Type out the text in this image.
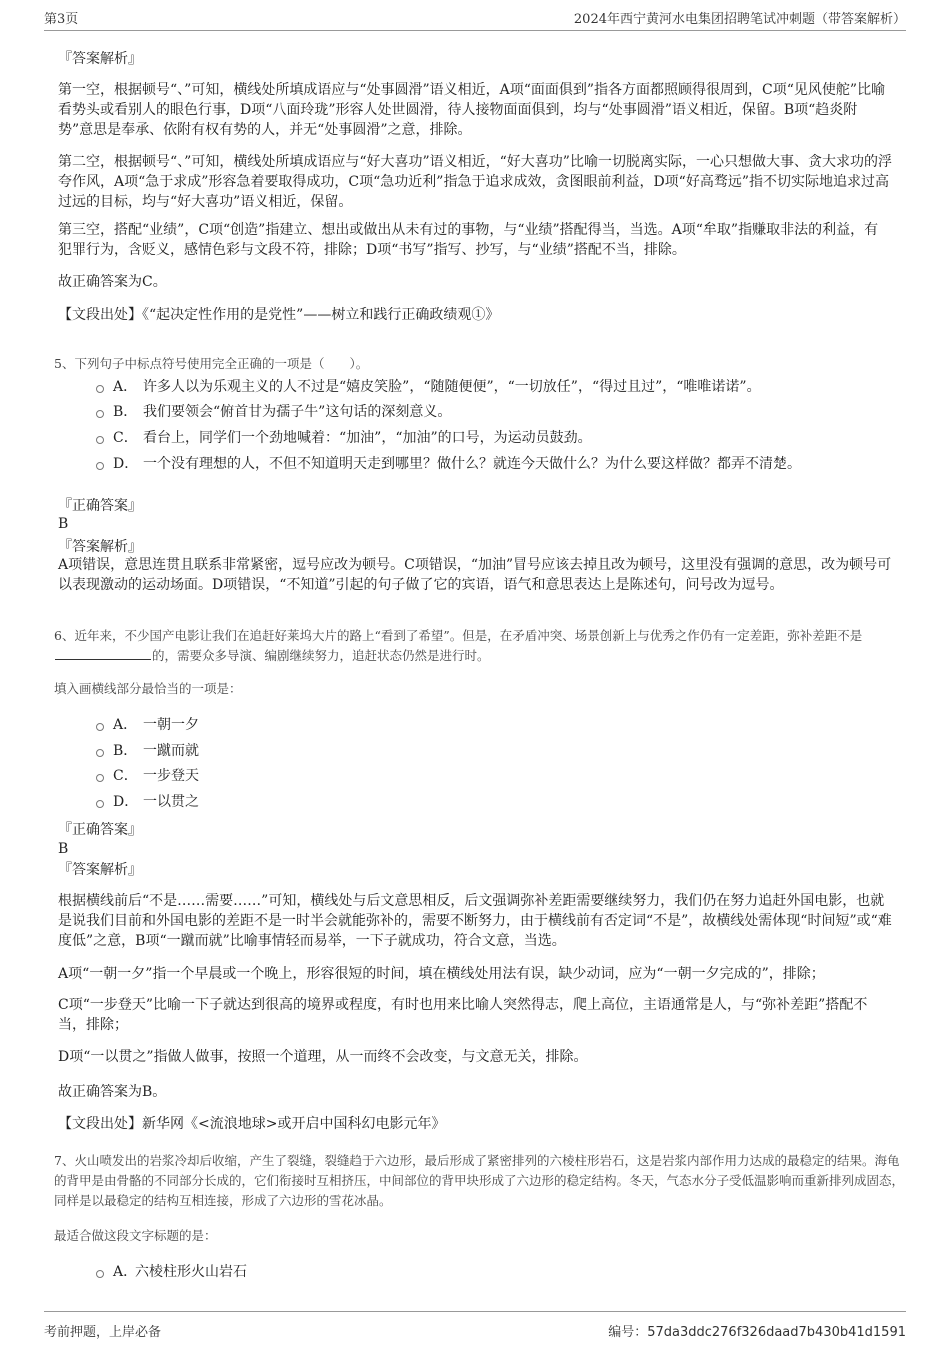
第3页	2024年西宁黄河水电集团招聘笔试冲刺题（带答案解析）
『答案解析』

第一空，根据顿号“、”可知，横线处所填成语应与“处事圆滑”语义相近，A项“面面俱到”指各方面都照顾得很周到，C项“见风使舵”比喻看势头或看别人的眼色行事，D项“八面玲珑”形容人处世圆滑，待人接物面面俱到，均与“处事圆滑”语义相近，保留。B项“趋炎附势”意思是奉承、依附有权有势的人，并无“处事圆滑”之意，排除。

第二空，根据顿号“、”可知，横线处所填成语应与“好大喜功”语义相近，“好大喜功”比喻一切脱离实际，一心只想做大事、贪大求功的浮夸作风，A项“急于求成”形容急着要取得成功，C项“急功近利”指急于追求成效，贪图眼前利益，D项“好高骛远”指不切实际地追求过高过远的目标，均与“好大喜功”语义相近，保留。

第三空，搭配“业绩”，C项“创造”指建立、想出或做出从未有过的事物，与“业绩”搭配得当，当选。A项“牟取”指赚取非法的利益，有犯罪行为，含贬义，感情色彩与文段不符，排除；D项“书写”指写、抄写，与“业绩”搭配不当，排除。

故正确答案为C。

【文段出处】《“起决定性作用的是党性”——树立和践行正确政绩观①》

5、下列句子中标点符号使用完全正确的一项是（　　）。

A． 许多人以为乐观主义的人不过是“嬉皮笑脸”，“随随便便”，“一切放任”，“得过且过”，“唯唯诺诺”。
B． 我们要领会“俯首甘为孺子牛”这句话的深刻意义。
C． 看台上，同学们一个劲地喊着：“加油”，“加油”的口号，为运动员鼓劲。
D． 一个没有理想的人，不但不知道明天走到哪里？做什么？就连今天做什么？为什么要这样做？都弄不清楚。
『正确答案』
B
『答案解析』

A项错误，意思连贯且联系非常紧密，逗号应改为顿号。C项错误，“加油”冒号应该去掉且改为顿号，这里没有强调的意思，改为顿号可以表现激动的运动场面。D项错误，“不知道”引起的句子做了它的宾语，语气和意思表达上是陈述句，问号改为逗号。

6、近年来，不少国产电影让我们在追赶好莱坞大片的路上“看到了希望”。但是，在矛盾冲突、场景创新上与优秀之作仍有一定差距，弥补差距不是的，需要众多导演、编剧继续努力，追赶状态仍然是进行时。

填入画横线部分最恰当的一项是：

A． 一朝一夕
B． 一蹴而就
C． 一步登天
D． 一以贯之
『正确答案』
B
『答案解析』

根据横线前后“不是……需要……”可知，横线处与后文意思相反，后文强调弥补差距需要继续努力，我们仍在努力追赶外国电影，也就是说我们目前和外国电影的差距不是一时半会就能弥补的，需要不断努力，由于横线前有否定词“不是”，故横线处需体现“时间短”或“难度低”之意，B项“一蹴而就”比喻事情轻而易举，一下子就成功，符合文意，当选。

A项“一朝一夕”指一个早晨或一个晚上，形容很短的时间，填在横线处用法有误，缺少动词，应为“一朝一夕完成的”，排除；

C项“一步登天”比喻一下子就达到很高的境界或程度，有时也用来比喻人突然得志，爬上高位，主语通常是人，与“弥补差距”搭配不当，排除；

D项“一以贯之”指做人做事，按照一个道理，从一而终不会改变，与文意无关，排除。

故正确答案为B。

【文段出处】新华网《<流浪地球>或开启中国科幻电影元年》

7、火山喷发出的岩浆冷却后收缩，产生了裂缝，裂缝趋于六边形，最后形成了紧密排列的六棱柱形岩石，这是岩浆内部作用力达成的最稳定的结果。海龟的背甲是由骨骼的不同部分长成的，它们衔接时互相挤压，中间部位的背甲块形成了六边形的稳定结构。冬天，气态水分子受低温影响而重新排列成固态，同样是以最稳定的结构互相连接，形成了六边形的雪花冰晶。

最适合做这段文字标题的是：

A．
六棱柱形火山岩石
考前押题，上岸必备	编号：57da3ddc276f326daad7b430b41d1591
